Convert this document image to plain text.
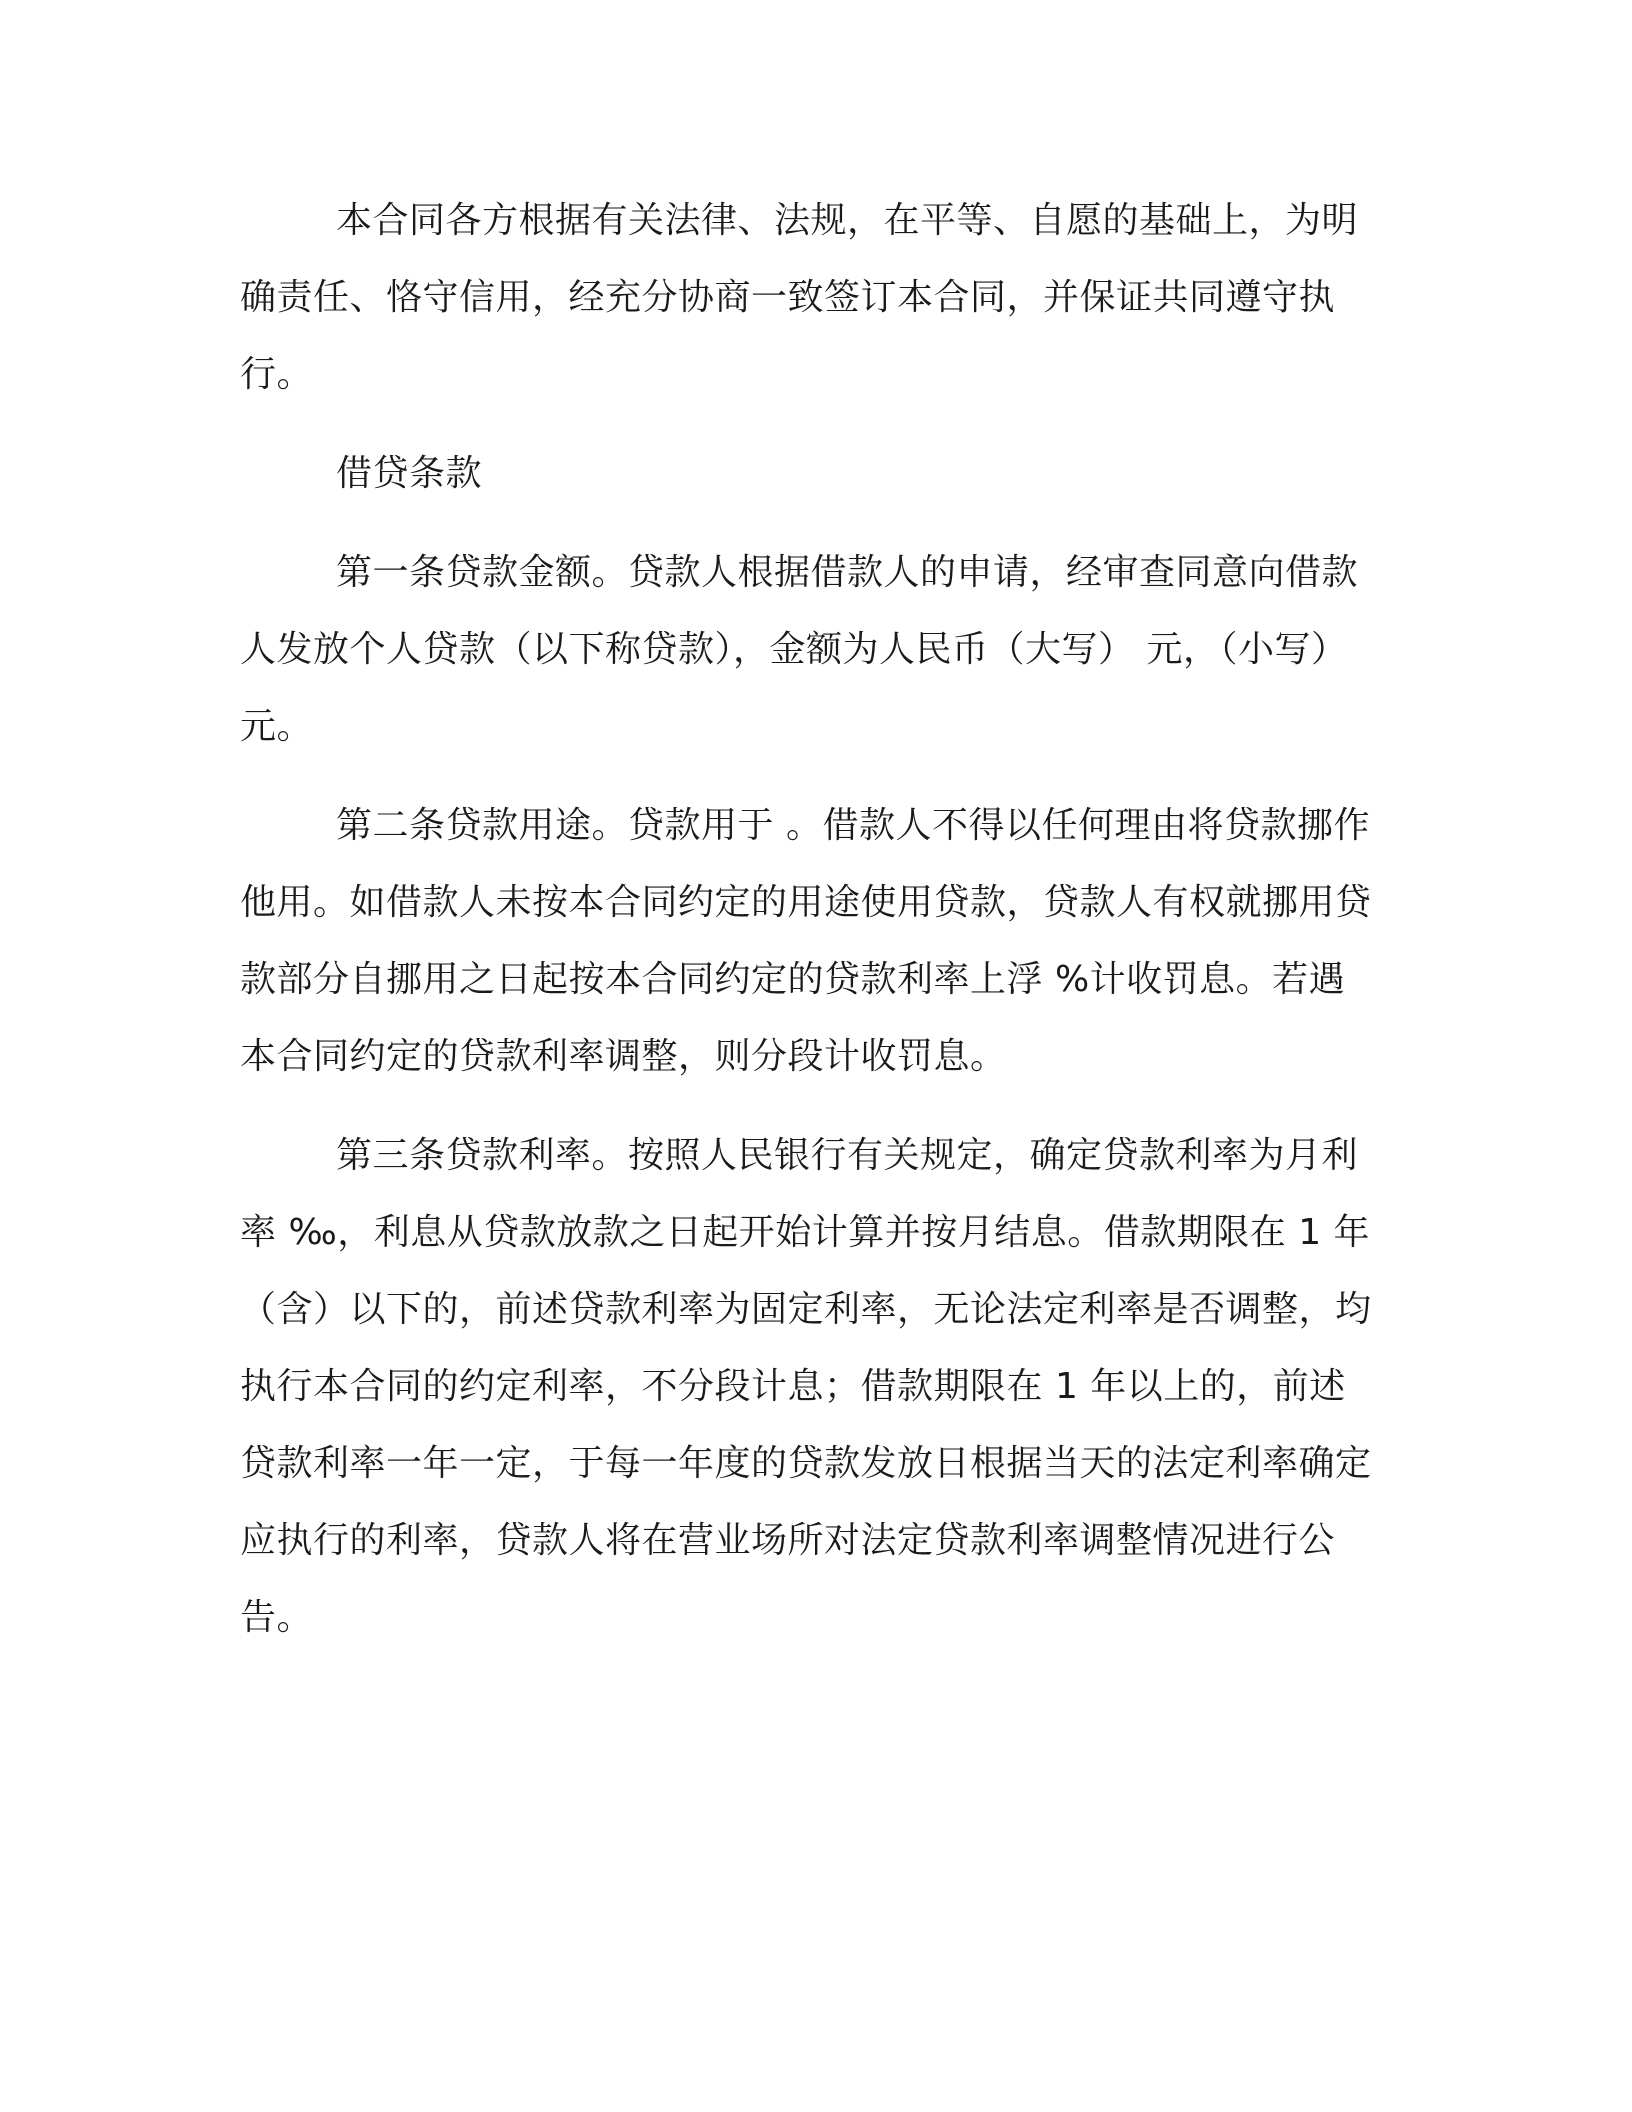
本合同各方根据有关法律、法规，在平等、自愿的基础上，为明确责任、恪守信用，经充分协商一致签订本合同，并保证共同遵守执行。

借贷条款

第一条贷款金额。贷款人根据借款人的申请，经审查同意向借款人发放个人贷款（以下称贷款），金额为人民币（大写） 元，（小写） 元。

第二条贷款用途。贷款用于 。借款人不得以任何理由将贷款挪作他用。如借款人未按本合同约定的用途使用贷款，贷款人有权就挪用贷款部分自挪用之日起按本合同约定的贷款利率上浮 %计收罚息。若遇本合同约定的贷款利率调整，则分段计收罚息。

第三条贷款利率。按照人民银行有关规定，确定贷款利率为月利率 ‰，利息从贷款放款之日起开始计算并按月结息。借款期限在 1 年（含）以下的，前述贷款利率为固定利率，无论法定利率是否调整，均执行本合同的约定利率，不分段计息；借款期限在 1 年以上的，前述贷款利率一年一定，于每一年度的贷款发放日根据当天的法定利率确定应执行的利率，贷款人将在营业场所对法定贷款利率调整情况进行公告。
